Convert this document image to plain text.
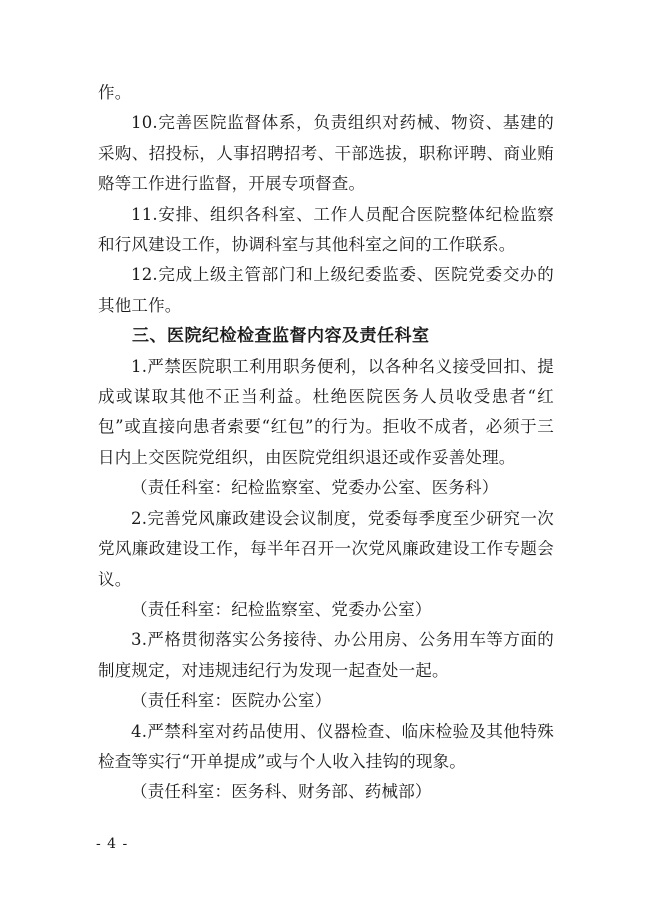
作。

10.完善医院监督体系，负责组织对药械、物资、基建的采购、招投标，人事招聘招考、干部选拔，职称评聘、商业贿赂等工作进行监督，开展专项督查。

11.安排、组织各科室、工作人员配合医院整体纪检监察和行风建设工作，协调科室与其他科室之间的工作联系。

12.完成上级主管部门和上级纪委监委、医院党委交办的其他工作。

三、医院纪检检查监督内容及责任科室

1.严禁医院职工利用职务便利，以各种名义接受回扣、提成或谋取其他不正当利益。杜绝医院医务人员收受患者“红包”或直接向患者索要“红包”的行为。拒收不成者，必须于三日内上交医院党组织，由医院党组织退还或作妥善处理。

（责任科室：纪检监察室、党委办公室、医务科）

2.完善党风廉政建设会议制度，党委每季度至少研究一次党风廉政建设工作，每半年召开一次党风廉政建设工作专题会议。

（责任科室：纪检监察室、党委办公室）

3.严格贯彻落实公务接待、办公用房、公务用车等方面的制度规定，对违规违纪行为发现一起查处一起。

（责任科室：医院办公室）

4.严禁科室对药品使用、仪器检查、临床检验及其他特殊检查等实行“开单提成”或与个人收入挂钩的现象。

（责任科室：医务科、财务部、药械部）

- 4 -
